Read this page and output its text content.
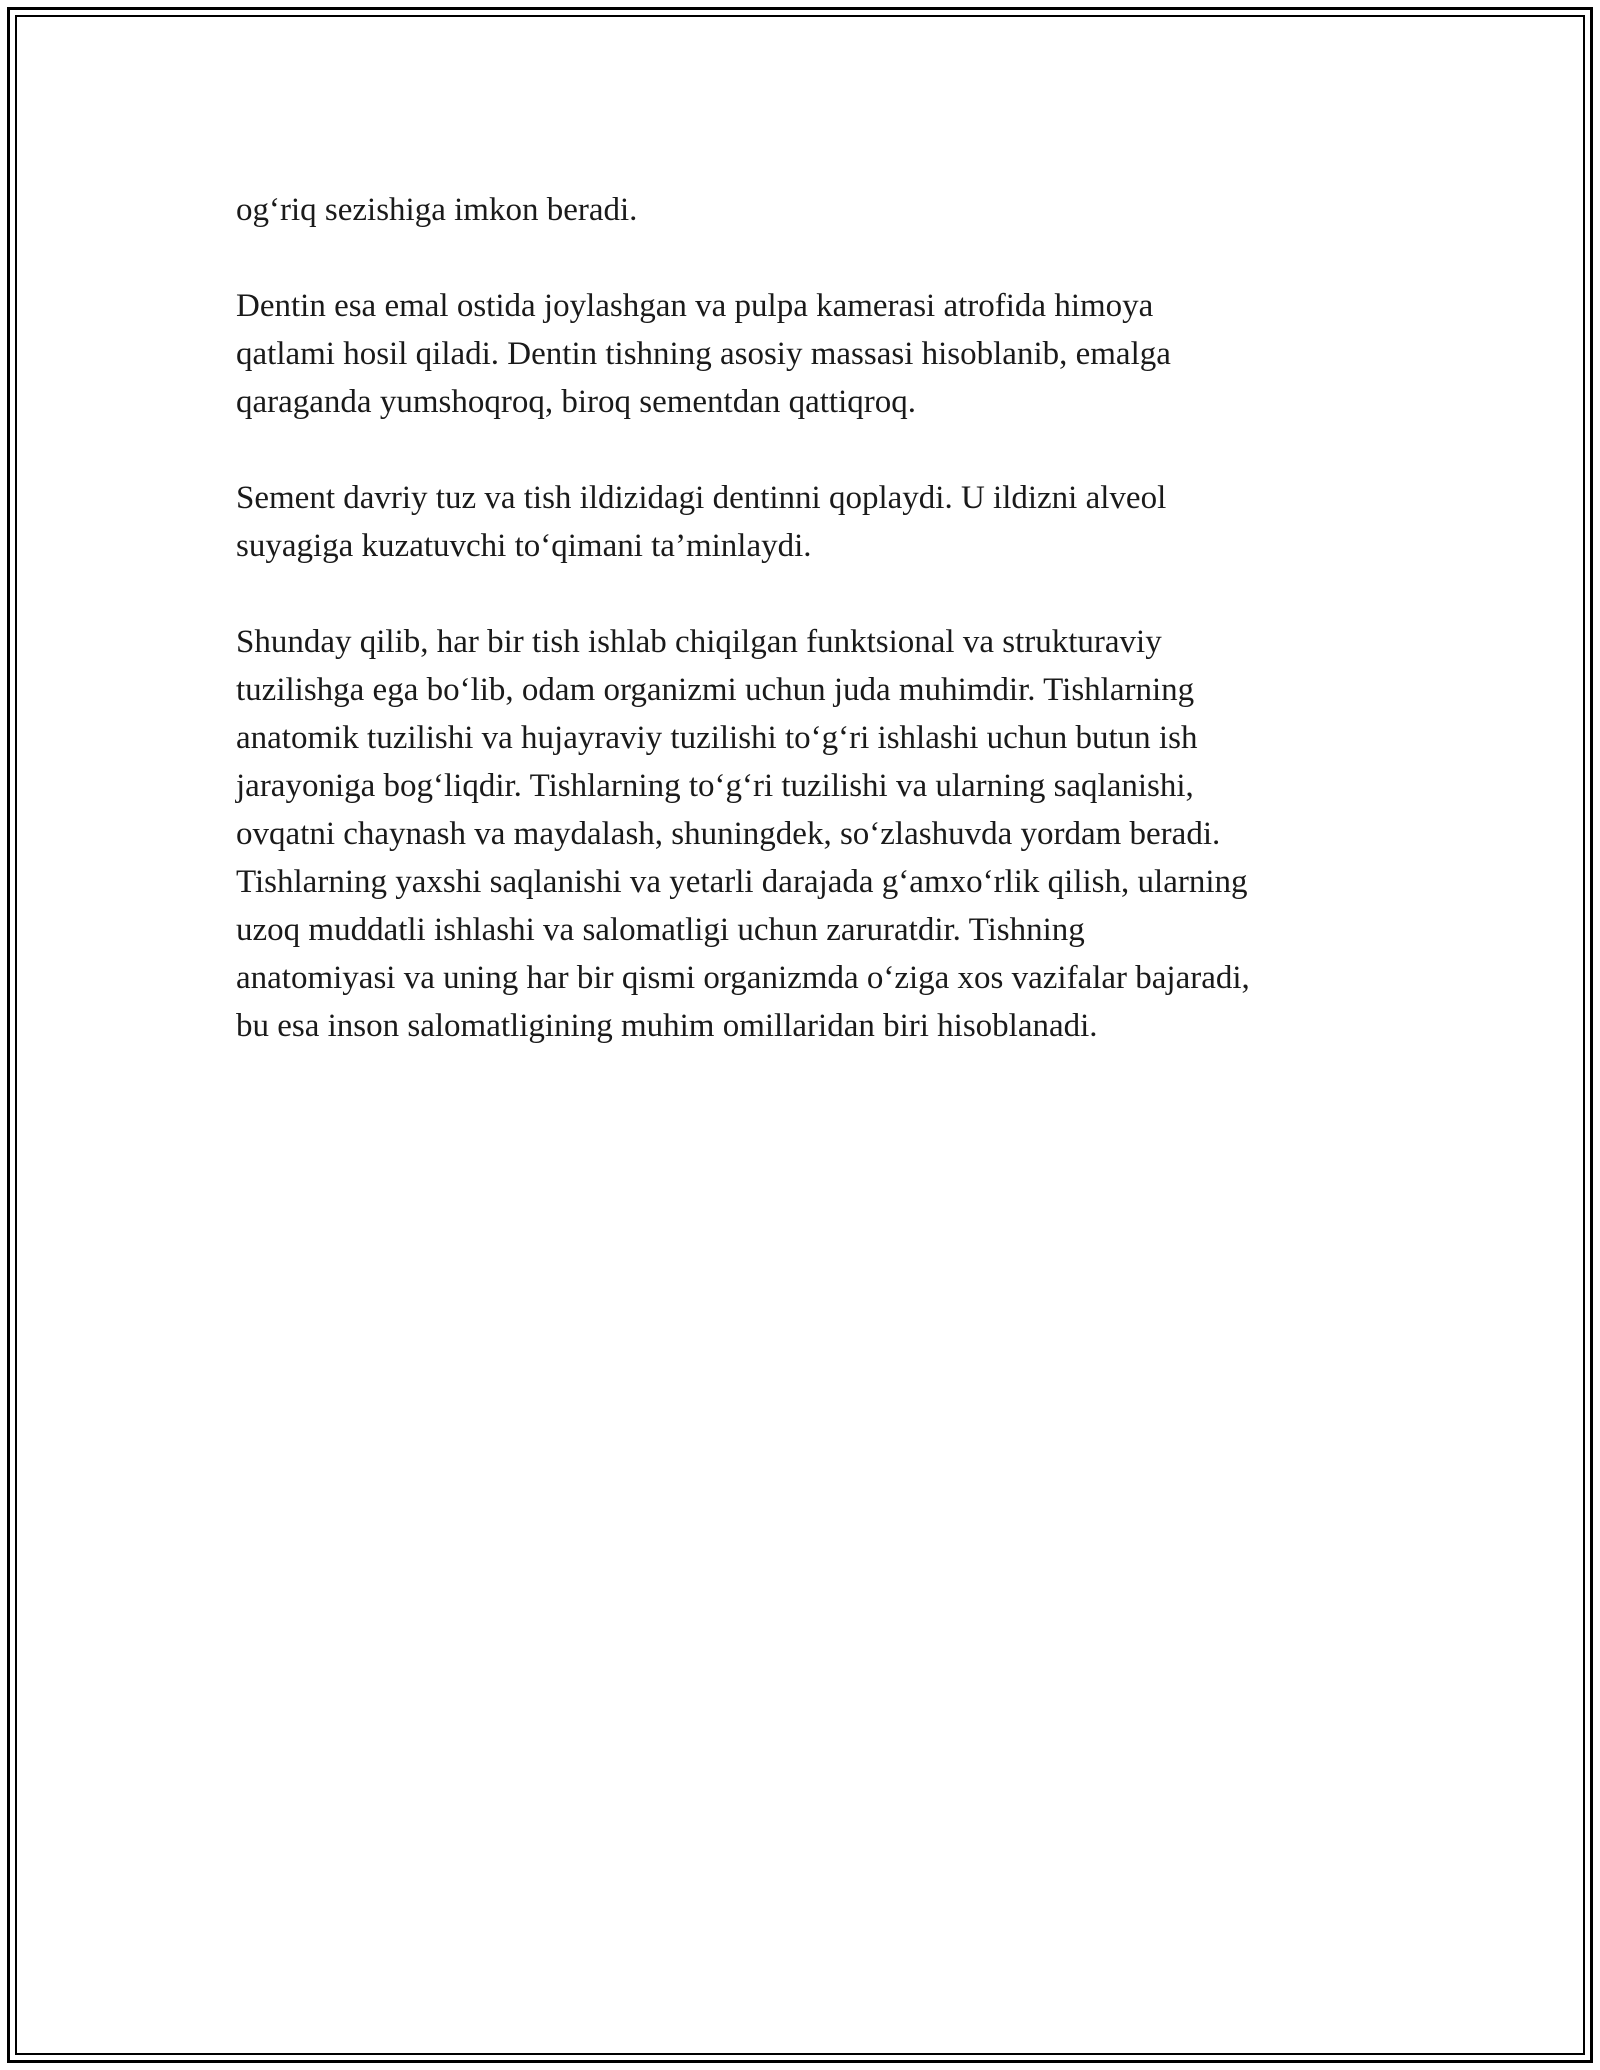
og‘riq sezishiga imkon beradi.

Dentin esa emal ostida joylashgan va pulpa kamerasi atrofida himoya
qatlami hosil qiladi. Dentin tishning asosiy massasi hisoblanib, emalga
qaraganda yumshoqroq, biroq sementdan qattiqroq.

Sement davriy tuz va tish ildizidagi dentinni qoplaydi. U ildizni alveol
suyagiga kuzatuvchi to‘qimani ta’minlaydi.

Shunday qilib, har bir tish ishlab chiqilgan funktsional va strukturaviy
tuzilishga ega bo‘lib, odam organizmi uchun juda muhimdir. Tishlarning
anatomik tuzilishi va hujayraviy tuzilishi to‘g‘ri ishlashi uchun butun ish
jarayoniga bog‘liqdir. Tishlarning to‘g‘ri tuzilishi va ularning saqlanishi,
ovqatni chaynash va maydalash, shuningdek, so‘zlashuvda yordam beradi.
Tishlarning yaxshi saqlanishi va yetarli darajada g‘amxo‘rlik qilish, ularning
uzoq muddatli ishlashi va salomatligi uchun zaruratdir. Tishning
anatomiyasi va uning har bir qismi organizmda o‘ziga xos vazifalar bajaradi,
bu esa inson salomatligining muhim omillaridan biri hisoblanadi.
